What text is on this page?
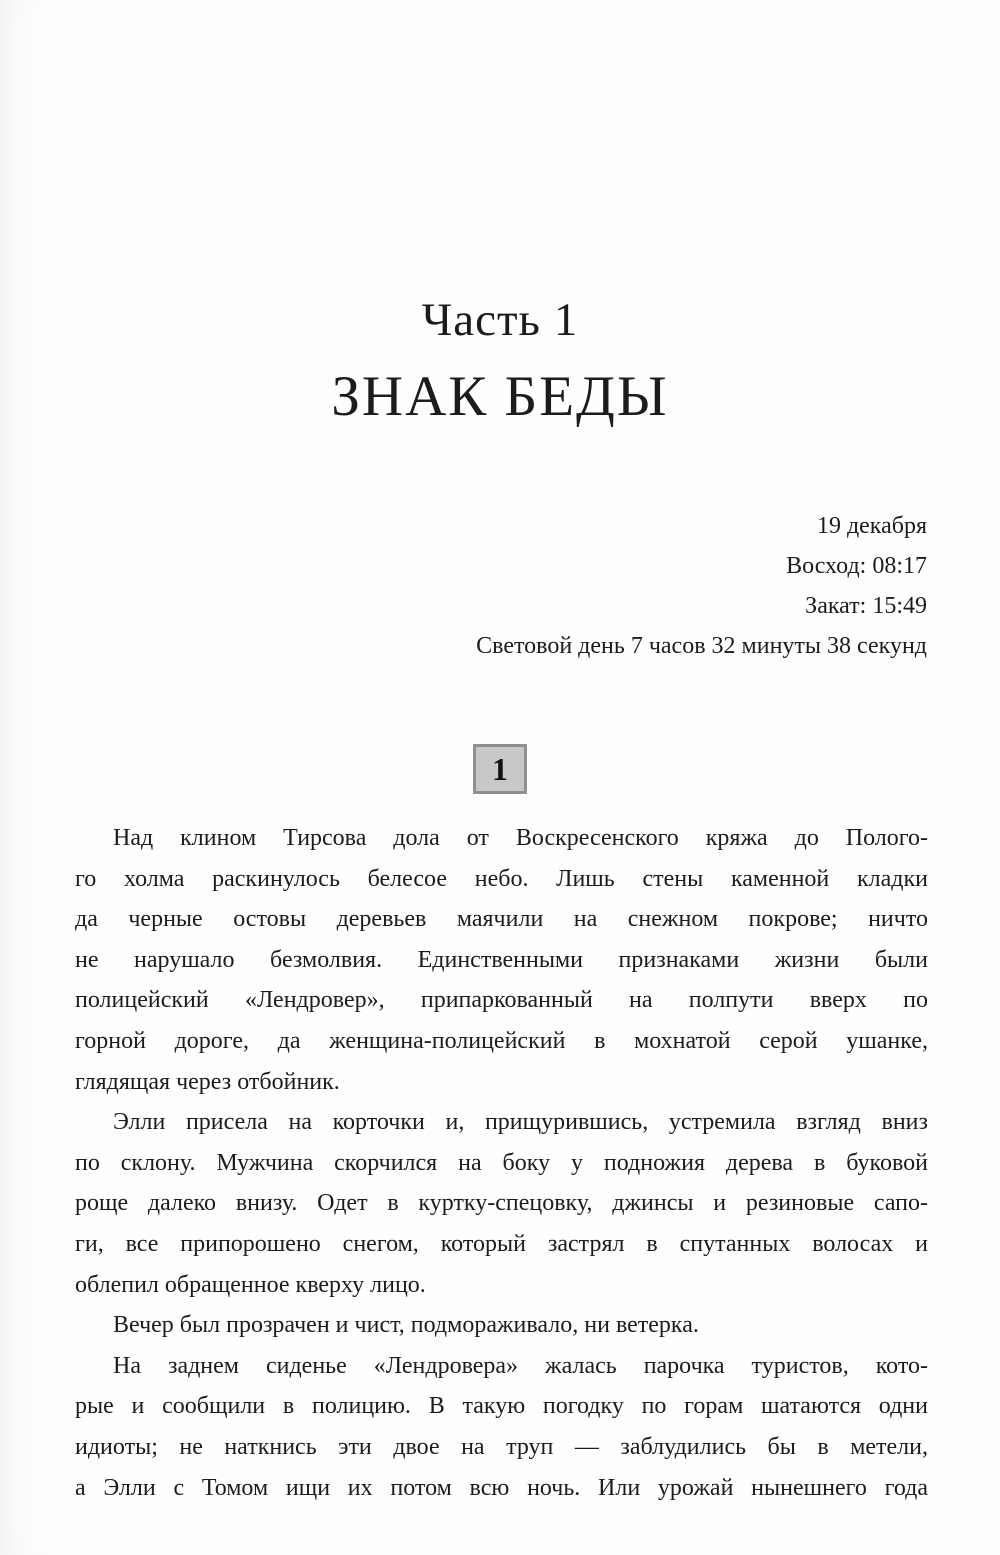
Часть 1
ЗНАК БЕДЫ
19 декабря
Восход: 08:17
Закат: 15:49
Световой день 7 часов 32 минуты 38 секунд
1
Над клином Тирсова дола от Воскресенского кряжа до Полого-
го холма раскинулось белесое небо. Лишь стены каменной кладки
да черные остовы деревьев маячили на снежном покрове; ничто
не нарушало безмолвия. Единственными признаками жизни были
полицейский «Лендровер», припаркованный на полпути вверх по
горной дороге, да женщина-полицейский в мохнатой серой ушанке,
глядящая через отбойник.
Элли присела на корточки и, прищурившись, устремила взгляд вниз
по склону. Мужчина скорчился на боку у подножия дерева в буковой
роще далеко внизу. Одет в куртку-спецовку, джинсы и резиновые сапо-
ги, все припорошено снегом, который застрял в спутанных волосах и
облепил обращенное кверху лицо.
Вечер был прозрачен и чист, подмораживало, ни ветерка.
На заднем сиденье «Лендровера» жалась парочка туристов, кото-
рые и сообщили в полицию. В такую погодку по горам шатаются одни
идиоты; не наткнись эти двое на труп — заблудились бы в метели,
а Элли с Томом ищи их потом всю ночь. Или урожай нынешнего года
